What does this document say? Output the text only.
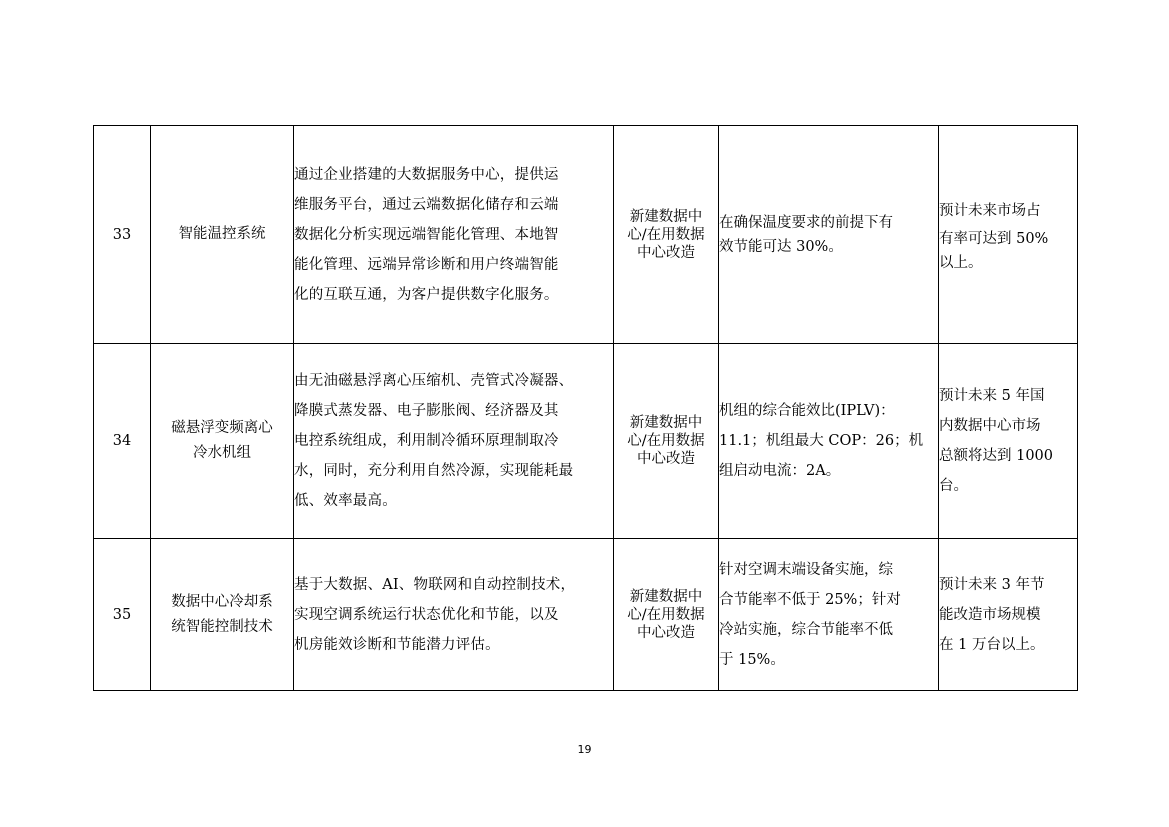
33	智能温控系统	通过企业搭建的大数据服务中心，提供运
维服务平台，通过云端数据化储存和云端
数据化分析实现远端智能化管理、本地智
能化管理、远端异常诊断和用户终端智能
化的互联互通，为客户提供数字化服务。	新建数据中
心/在用数据
中心改造	在确保温度要求的前提下有
效节能可达 30%。	预计未来市场占
有率可达到 50%
以上。

34	磁悬浮变频离心
冷水机组	由无油磁悬浮离心压缩机、壳管式冷凝器、
降膜式蒸发器、电子膨胀阀、经济器及其
电控系统组成，利用制冷循环原理制取冷
水，同时，充分利用自然冷源，实现能耗最
低、效率最高。	新建数据中
心/在用数据
中心改造	机组的综合能效比(IPLV)：
11.1；机组最大 COP：26；机
组启动电流：2A。	预计未来 5 年国
内数据中心市场
总额将达到 1000
台。

35	数据中心冷却系
统智能控制技术	基于大数据、AI、物联网和自动控制技术，
实现空调系统运行状态优化和节能，以及
机房能效诊断和节能潜力评估。	新建数据中
心/在用数据
中心改造	针对空调末端设备实施，综
合节能率不低于 25%；针对
冷站实施，综合节能率不低
于 15%。	预计未来 3 年节
能改造市场规模
在 1 万台以上。
19
